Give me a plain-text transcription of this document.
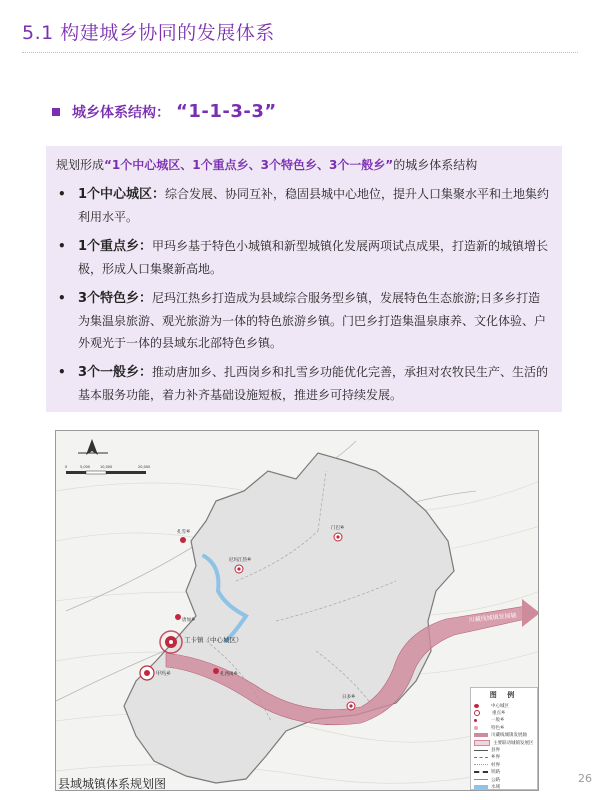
5.1 构建城乡协同的发展体系
城乡体系结构： “1-1-3-3”
规划形成“1个中心城区、1个重点乡、3个特色乡、3个一般乡”的城乡体系结构
• 1个中心城区：综合发展、协同互补，稳固县城中心地位，提升人口集聚水平和土地集约利用水平。
• 1个重点乡：甲玛乡基于特色小城镇和新型城镇化发展两项试点成果，打造新的城镇增长极，形成人口集聚新高地。
• 3个特色乡：尼玛江热乡打造成为县域综合服务型乡镇，发展特色生态旅游;日多乡打造为集温泉旅游、观光旅游为一体的特色旅游乡镇。门巴乡打造集温泉康养、文化体验、户外观光于一体的县域东北部特色乡镇。
• 3个一般乡：推动唐加乡、扎西岗乡和扎雪乡功能优化完善，承担对农牧民生产、生活的基本服务功能，着力补齐基础设施短板，推进乡可持续发展。
川藏线城镇发展轴
0	5,000	10,000	20,000
工卡镇（中心城区）
甲玛乡
尼玛江热乡
日多乡
门巴乡
扎雪乡
唐加乡
扎西岗乡
图 例
中心城区
重点乡
一般乡
特色乡
川藏线城镇发展轴
主要联动城镇发展区
县界
乡界
村界
铁路
公路
水域
县域城镇体系规划图	26
